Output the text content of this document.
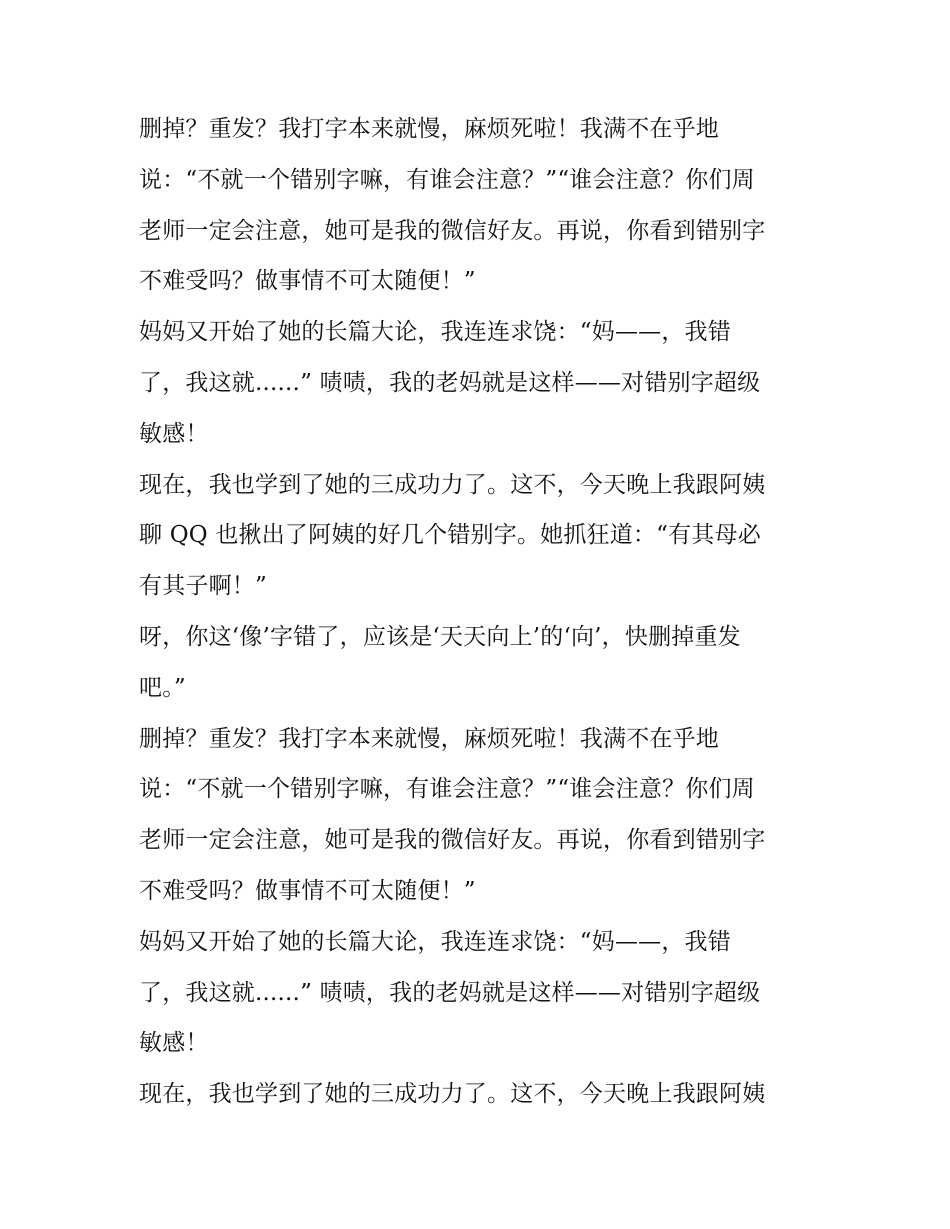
删掉？重发？我打字本来就慢，麻烦死啦！我满不在乎地
说：“不就一个错别字嘛，有谁会注意？”“谁会注意？你们周
老师一定会注意，她可是我的微信好友。再说，你看到错别字
不难受吗？做事情不可太随便！”
妈妈又开始了她的长篇大论，我连连求饶：“妈——，我错
了，我这就......” 啧啧，我的老妈就是这样——对错别字超级
敏感！
现在，我也学到了她的三成功力了。这不，今天晚上我跟阿姨
聊 QQ 也揪出了阿姨的好几个错别字。她抓狂道：“有其母必
有其子啊！”
呀，你这‘像’字错了，应该是‘天天向上’的‘向’，快删掉重发
吧。”
删掉？重发？我打字本来就慢，麻烦死啦！我满不在乎地
说：“不就一个错别字嘛，有谁会注意？”“谁会注意？你们周
老师一定会注意，她可是我的微信好友。再说，你看到错别字
不难受吗？做事情不可太随便！”
妈妈又开始了她的长篇大论，我连连求饶：“妈——，我错
了，我这就......” 啧啧，我的老妈就是这样——对错别字超级
敏感！
现在，我也学到了她的三成功力了。这不，今天晚上我跟阿姨
